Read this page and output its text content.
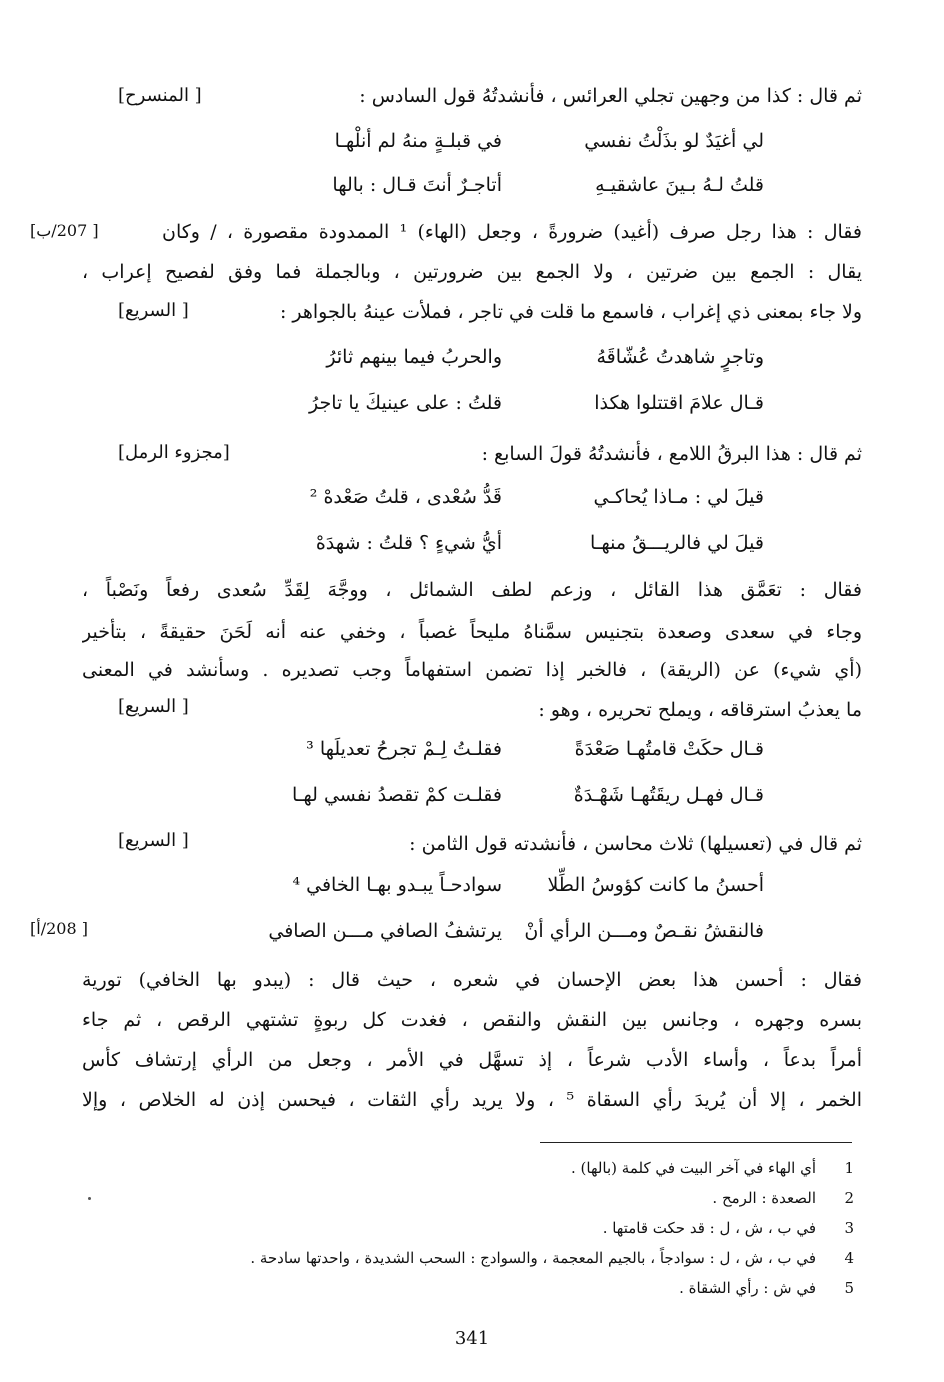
ثم قال : كذا من وجهين تجلي العرائس ، فأنشدتُهُ قول السادس :
[ المنسرح]
لي أغيَدٌ لو بذَلْتُ نفسي
في قبلـةٍ منهُ لم أنلْهـا
قلتُ لـهُ بـينَ عاشقيـهِ
أتاجـرٌ أنتَ قـال : بالها
فقال : هذا رجل صرف (أغيد) ضرورةً ، وجعل (الهاء) ¹ الممدودة مقصورة ، / وكان
[ 207/ب]
يقال : الجمع بين ضرتين ، ولا الجمع بين ضرورتين ، وبالجملة فما وفق لفصيح إعراب ،
ولا جاء بمعنى ذي إغراب ، فاسمع ما قلت في تاجر ، فملأت عينهُ بالجواهر :
[ السريع]
وتاجرٍ شاهدتُ عُشّاقَهُ
والحربُ فيما بينهم ثائرُ
قـال علامَ اقتتلوا هكذا
قلتُ : على عينيكَ يا تاجرُ
ثم قال : هذا البرقُ اللامع ، فأنشدتُهُ قولَ السابع :
[مجزوء الرمل]
قيلَ لي : مـاذا يُحاكـي
قَدُّ سُعْدى ، قلتُ صَعْدهْ ²
قيلَ لي فالريـــقُ منهـا
أيُّ شيءٍ ؟ قلتُ : شهدَهْ
فقال : تعَمَّق هذا القائل ، وزعم لطف الشمائل ، ووجَّهَ لِقَدِّ سُعدى رفعاً ونَصْباً ،
وجاء في سعدى وصعدة بتجنيس سمَّناهُ مليحاً غصباً ، وخفي عنه أنه لَحَنَ حقيقةً ، بتأخير
(أي شيء) عن (الريقة) ، فالخبر إذا تضمن استفهاماً وجب تصديره . وسأنشد في المعنى
ما يعذبُ استرقاقه ، ويملح تحريره ، وهو :
[ السريع]
قـال حكَتْ قامتُهـا صَعْدَةً
فقلـتُ لِـمْ تجرحُ تعديلَها ³
قـال فهـل ريقَتُهـا شَهْـدَةٌ
فقلـت كمْ تقصدُ نفسي لهـا
ثم قال في (تعسيلها) ثلاث محاسن ، فأنشدته قول الثامن :
[ السريع]
أحسنُ ما كانت كؤوسُ الطِّلا
سوادحـاً يبـدو بهـا الخافي ⁴
فالنقشُ نقـصٌ ومـــن الرأي أنْ
يرتشفُ الصافي مـــن الصافي
[ 208/أ]
فقال : أحسن هذا بعض الإحسان في شعره ، حيث قال : (يبدو بها الخافي) تورية
بسره وجهره ، وجانس بين النقش والنقص ، فغدت كل ربوةٍ تشتهي الرقص ، ثم جاء
أمراً بدعاً ، وأساء الأدب شرعاً ، إذ تسهَّل في الأمر ، وجعل من الرأي إرتشاف كأس
الخمر ، إلا أن يُريدَ رأي السقاة ⁵ ، ولا يريد رأي الثقات ، فيحسن إذن له الخلاص ، وإلا
1أي الهاء في آخر البيت في كلمة (بالها) .
2الصعدة : الرمح .
3في ب ، ش ، ل : قد حكت قامتها .
4في ب ، ش ، ل : سوادجاً ، بالجيم المعجمة ، والسوادج : السحب الشديدة ، واحدتها سادحة .
5في ش : رأي الشقاة .
341
